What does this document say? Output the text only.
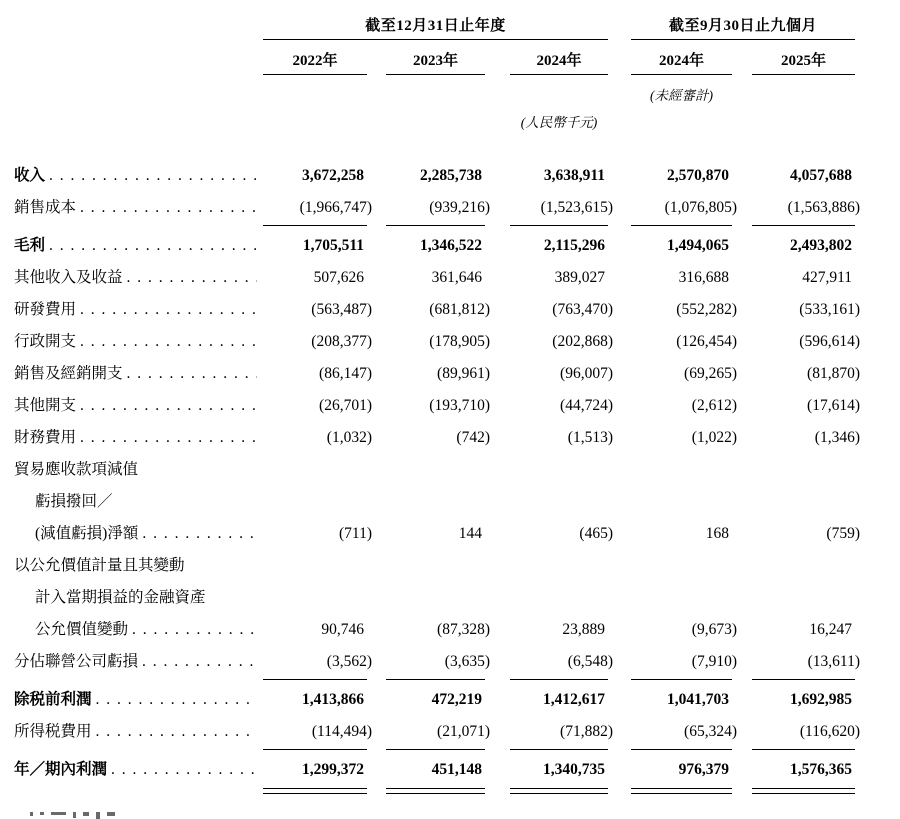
截至12月31日止年度	截至9月30日止九個月
2022年	2023年	2024年	2024年	2025年
(未經審計)
(人民幣千元)
收入 . . .	3,672,258	2,285,738	3,638,911	2,570,870	4,057,688
銷售成本 . . .	(1,966,747)	(939,216)	(1,523,615)	(1,076,805)	(1,563,886)
毛利 . . .	1,705,511	1,346,522	2,115,296	1,494,065	2,493,802
其他收入及收益 . . .	507,626	361,646	389,027	316,688	427,911
研發費用 . . .	(563,487)	(681,812)	(763,470)	(552,282)	(533,161)
行政開支 . . .	(208,377)	(178,905)	(202,868)	(126,454)	(596,614)
銷售及經銷開支 . . .	(86,147)	(89,961)	(96,007)	(69,265)	(81,870)
其他開支 . . .	(26,701)	(193,710)	(44,724)	(2,612)	(17,614)
財務費用 . . .	(1,032)	(742)	(1,513)	(1,022)	(1,346)
貿易應收款項減值
虧損撥回／
(減值虧損)淨額 . . .	(711)	144	(465)	168	(759)
以公允價值計量且其變動
計入當期損益的金融資產
公允價值變動 . . .	90,746	(87,328)	23,889	(9,673)	16,247
分佔聯營公司虧損 . . .	(3,562)	(3,635)	(6,548)	(7,910)	(13,611)
除税前利潤 . . .	1,413,866	472,219	1,412,617	1,041,703	1,692,985
所得税費用 . . .	(114,494)	(21,071)	(71,882)	(65,324)	(116,620)
年／期內利潤 . . .	1,299,372	451,148	1,340,735	976,379	1,576,365
